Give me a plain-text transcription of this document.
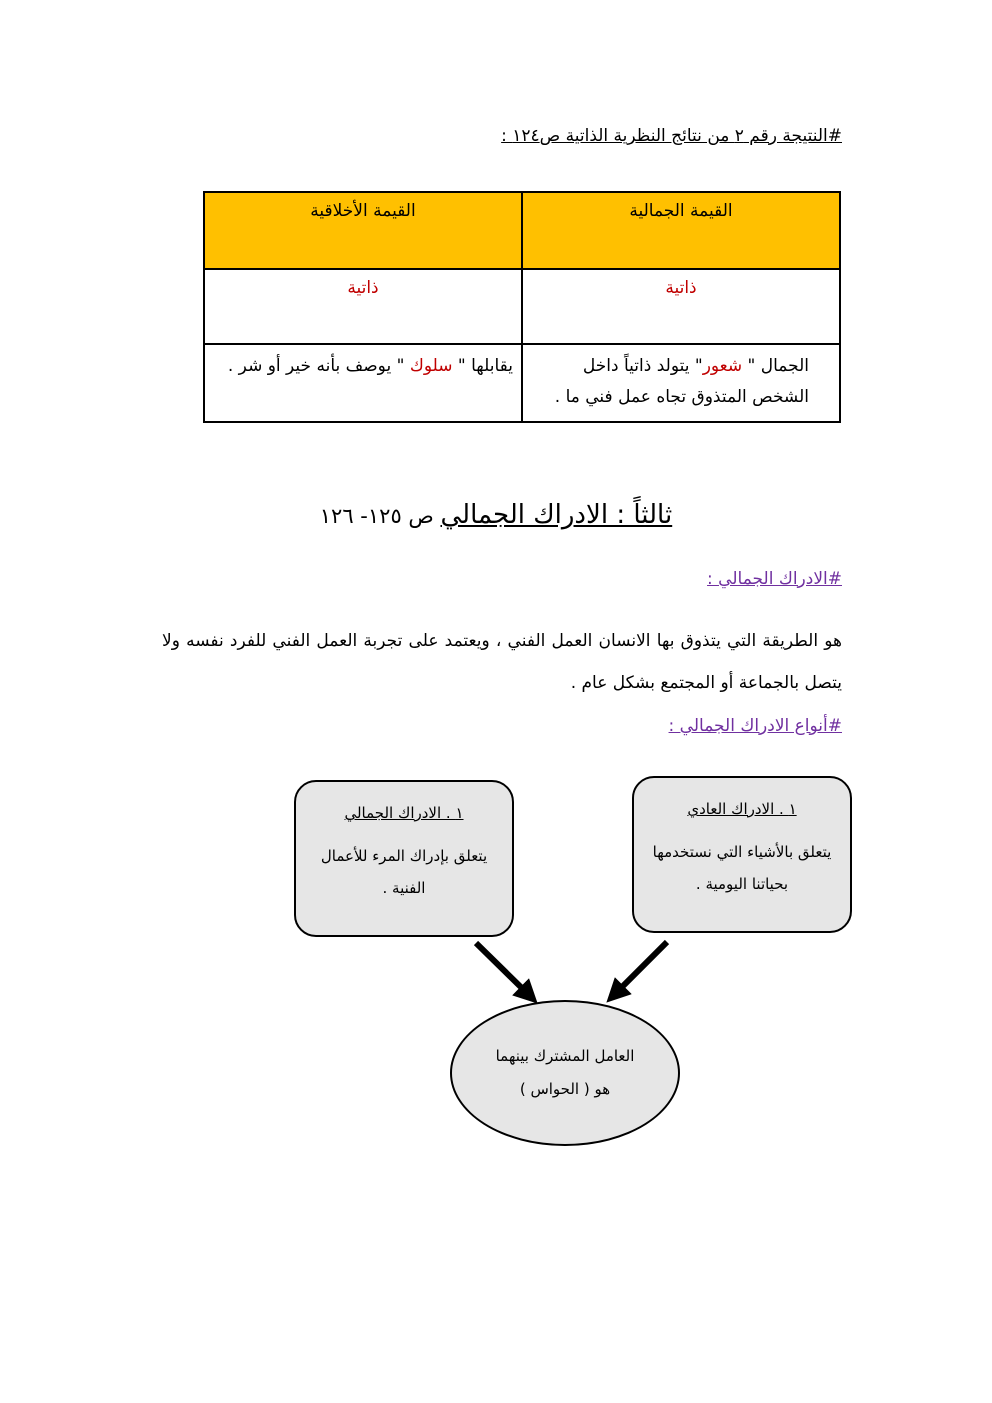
#النتيجة رقم ٢ من نتائج النظرية الذاتية ص١٢٤ :
القيمة الجمالية	القيمة الأخلاقية
ذاتية	ذاتية
الجمال " شعور" يتولد ذاتياً داخل الشخص المتذوق تجاه عمل فني ما .	يقابلها " سلوك " يوصف بأنه خير أو شر .
ثالثاً : الادراك الجمالي ص ١٢٥- ١٢٦
#الادراك الجمالي :
هو الطريقة التي يتذوق بها الانسان العمل الفني ، ويعتمد على تجربة العمل الفني للفرد نفسه ولا يتصل بالجماعة أو المجتمع بشكل عام .
#أنواع الادراك الجمالي :
١ . الادراك العادي
يتعلق بالأشياء التي نستخدمها بحياتنا اليومية .
١ . الادراك الجمالي
يتعلق بإدراك المرء للأعمال الفنية .
العامل المشترك بينهما
هو ( الحواس )
